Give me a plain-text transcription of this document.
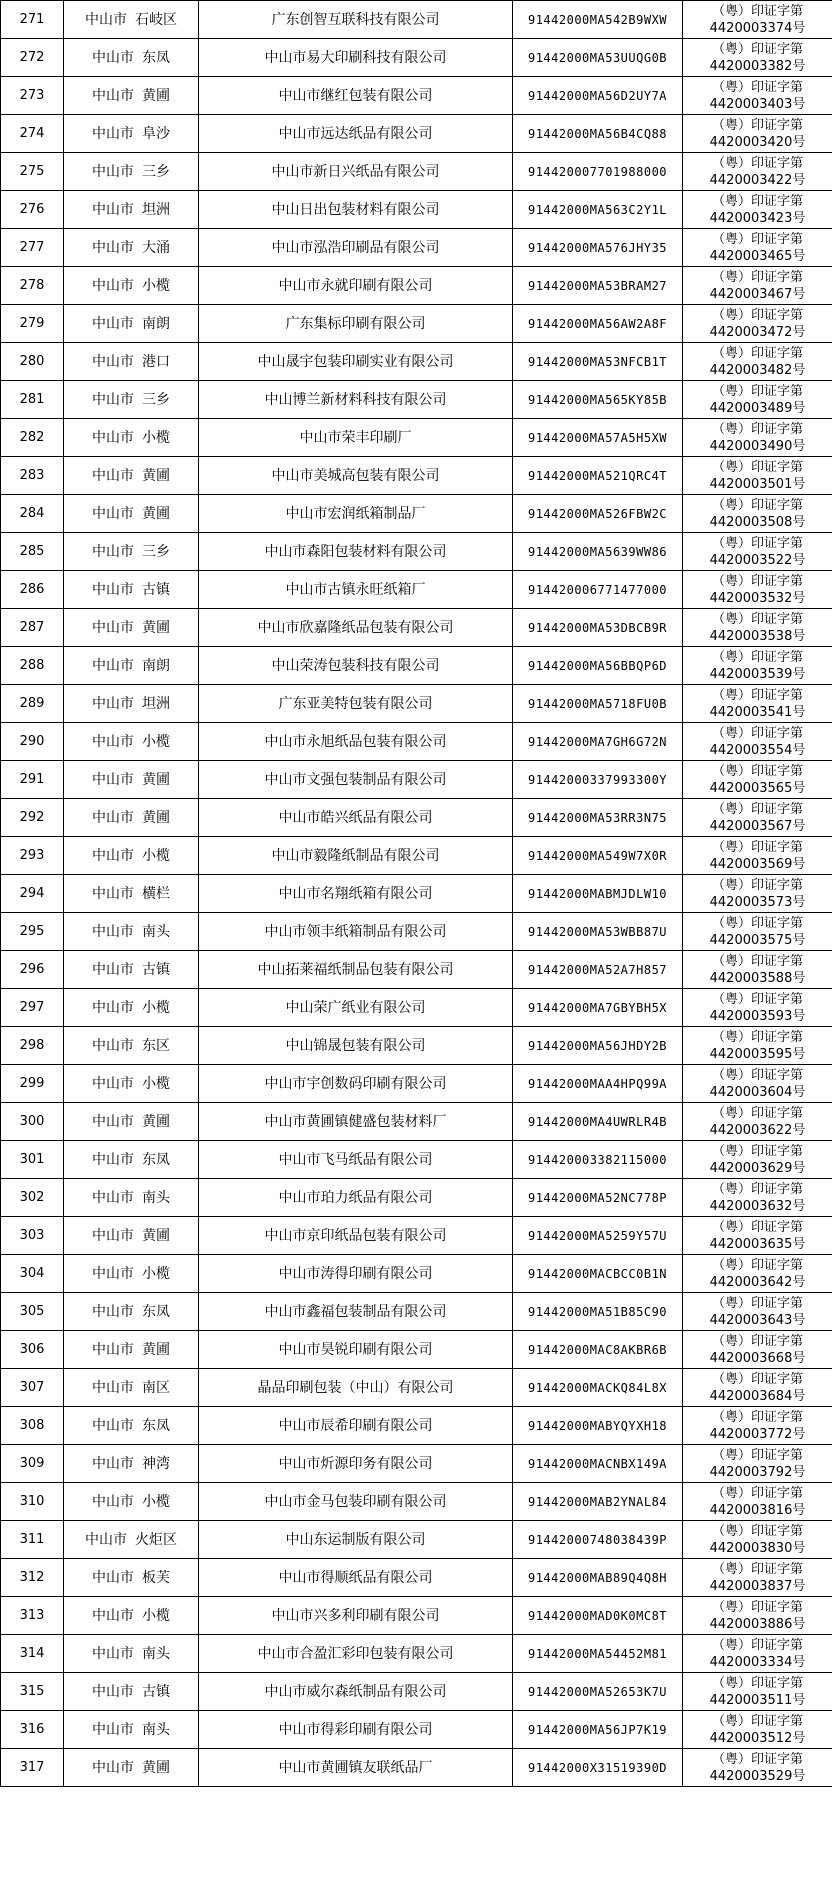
271	中山市 石岐区	广东创智互联科技有限公司	91442000MA542B9WXW	（粤）印证字第
4420003374号
272	中山市 东凤	中山市易大印刷科技有限公司	91442000MA53UUQG0B	（粤）印证字第
4420003382号
273	中山市 黄圃	中山市继红包装有限公司	91442000MA56D2UY7A	（粤）印证字第
4420003403号
274	中山市 阜沙	中山市远达纸品有限公司	91442000MA56B4CQ88	（粤）印证字第
4420003420号
275	中山市 三乡	中山市新日兴纸品有限公司	914420007701988000	（粤）印证字第
4420003422号
276	中山市 坦洲	中山日出包装材料有限公司	91442000MA563C2Y1L	（粤）印证字第
4420003423号
277	中山市 大涌	中山市泓浩印刷品有限公司	91442000MA576JHY35	（粤）印证字第
4420003465号
278	中山市 小榄	中山市永就印刷有限公司	91442000MA53BRAM27	（粤）印证字第
4420003467号
279	中山市 南朗	广东集标印刷有限公司	91442000MA56AW2A8F	（粤）印证字第
4420003472号
280	中山市 港口	中山晟宇包装印刷实业有限公司	91442000MA53NFCB1T	（粤）印证字第
4420003482号
281	中山市 三乡	中山博兰新材料科技有限公司	91442000MA565KY85B	（粤）印证字第
4420003489号
282	中山市 小榄	中山市荣丰印刷厂	91442000MA57A5H5XW	（粤）印证字第
4420003490号
283	中山市 黄圃	中山市美城高包装有限公司	91442000MA521QRC4T	（粤）印证字第
4420003501号
284	中山市 黄圃	中山市宏润纸箱制品厂	91442000MA526FBW2C	（粤）印证字第
4420003508号
285	中山市 三乡	中山市森阳包装材料有限公司	91442000MA5639WW86	（粤）印证字第
4420003522号
286	中山市 古镇	中山市古镇永旺纸箱厂	914420006771477000	（粤）印证字第
4420003532号
287	中山市 黄圃	中山市欣嘉隆纸品包装有限公司	91442000MA53DBCB9R	（粤）印证字第
4420003538号
288	中山市 南朗	中山荣涛包装科技有限公司	91442000MA56BBQP6D	（粤）印证字第
4420003539号
289	中山市 坦洲	广东亚美特包装有限公司	91442000MA5718FU0B	（粤）印证字第
4420003541号
290	中山市 小榄	中山市永旭纸品包装有限公司	91442000MA7GH6G72N	（粤）印证字第
4420003554号
291	中山市 黄圃	中山市文强包装制品有限公司	91442000337993300Y	（粤）印证字第
4420003565号
292	中山市 黄圃	中山市皓兴纸品有限公司	91442000MA53RR3N75	（粤）印证字第
4420003567号
293	中山市 小榄	中山市毅隆纸制品有限公司	91442000MA549W7X0R	（粤）印证字第
4420003569号
294	中山市 横栏	中山市名翔纸箱有限公司	91442000MABMJDLW10	（粤）印证字第
4420003573号
295	中山市 南头	中山市领丰纸箱制品有限公司	91442000MA53WBB87U	（粤）印证字第
4420003575号
296	中山市 古镇	中山拓莱福纸制品包装有限公司	91442000MA52A7H857	（粤）印证字第
4420003588号
297	中山市 小榄	中山荣广纸业有限公司	91442000MA7GBYBH5X	（粤）印证字第
4420003593号
298	中山市 东区	中山锦晟包装有限公司	91442000MA56JHDY2B	（粤）印证字第
4420003595号
299	中山市 小榄	中山市宇创数码印刷有限公司	91442000MAA4HPQ99A	（粤）印证字第
4420003604号
300	中山市 黄圃	中山市黄圃镇健盛包装材料厂	91442000MA4UWRLR4B	（粤）印证字第
4420003622号
301	中山市 东凤	中山市飞马纸品有限公司	914420003382115000	（粤）印证字第
4420003629号
302	中山市 南头	中山市珀力纸品有限公司	91442000MA52NC778P	（粤）印证字第
4420003632号
303	中山市 黄圃	中山市京印纸品包装有限公司	91442000MA5259Y57U	（粤）印证字第
4420003635号
304	中山市 小榄	中山市涛得印刷有限公司	91442000MACBCC0B1N	（粤）印证字第
4420003642号
305	中山市 东凤	中山市鑫福包装制品有限公司	91442000MA51B85C90	（粤）印证字第
4420003643号
306	中山市 黄圃	中山市昊锐印刷有限公司	91442000MAC8AKBR6B	（粤）印证字第
4420003668号
307	中山市 南区	晶品印刷包装（中山）有限公司	91442000MACKQ84L8X	（粤）印证字第
4420003684号
308	中山市 东凤	中山市辰希印刷有限公司	91442000MABYQYXH18	（粤）印证字第
4420003772号
309	中山市 神湾	中山市炘源印务有限公司	91442000MACNBX149A	（粤）印证字第
4420003792号
310	中山市 小榄	中山市金马包装印刷有限公司	91442000MAB2YNAL84	（粤）印证字第
4420003816号
311	中山市 火炬区	中山东运制版有限公司	91442000748038439P	（粤）印证字第
4420003830号
312	中山市 板芙	中山市得顺纸品有限公司	91442000MAB89Q4Q8H	（粤）印证字第
4420003837号
313	中山市 小榄	中山市兴多利印刷有限公司	91442000MAD0K0MC8T	（粤）印证字第
4420003886号
314	中山市 南头	中山市合盈汇彩印包装有限公司	91442000MA54452M81	（粤）印证字第
4420003334号
315	中山市 古镇	中山市威尔森纸制品有限公司	91442000MA52653K7U	（粤）印证字第
4420003511号
316	中山市 南头	中山市得彩印刷有限公司	91442000MA56JP7K19	（粤）印证字第
4420003512号
317	中山市 黄圃	中山市黄圃镇友联纸品厂	91442000X31519390D	（粤）印证字第
4420003529号
